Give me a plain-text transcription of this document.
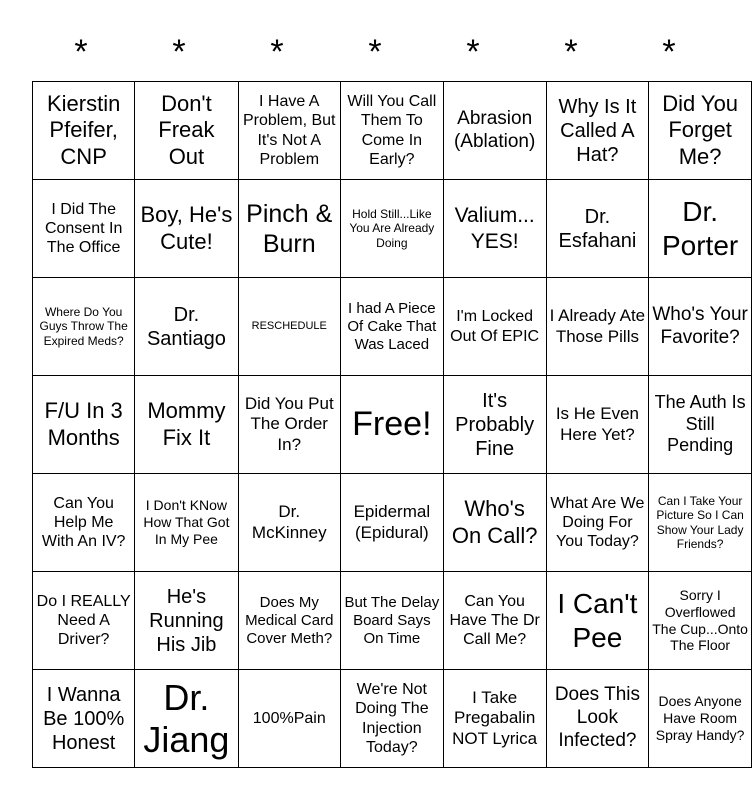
*	*	*	*	*	*	*
Kierstin Pfeifer, CNP	Don't Freak Out	I Have A Problem, But It's Not A Problem	Will You Call Them To Come In Early?	Abrasion (Ablation)	Why Is It Called A Hat?	Did You Forget Me?
I Did The Consent In The Office	Boy, He's Cute!	Pinch & Burn	Hold Still...Like You Are Already Doing	Valium... YES!	Dr. Esfahani	Dr. Porter
Where Do You Guys Throw The Expired Meds?	Dr. Santiago	RESCHEDULE	I had A Piece Of Cake That Was Laced	I'm Locked Out Of EPIC	I Already Ate Those Pills	Who's Your Favorite?
F/U In 3 Months	Mommy Fix It	Did You Put The Order In?	Free!	It's Probably Fine	Is He Even Here Yet?	The Auth Is Still Pending
Can You Help Me With An IV?	I Don't KNow How That Got In My Pee	Dr. McKinney	Epidermal (Epidural)	Who's On Call?	What Are We Doing For You Today?	Can I Take Your Picture So I Can Show Your Lady Friends?
Do I REALLY Need A Driver?	He's Running His Jib	Does My Medical Card Cover Meth?	But The Delay Board Says On Time	Can You Have The Dr Call Me?	I Can't Pee	Sorry I Overflowed The Cup...Onto The Floor
I Wanna Be 100% Honest	Dr. Jiang	100%Pain	We're Not Doing The Injection Today?	I Take Pregabalin NOT Lyrica	Does This Look Infected?	Does Anyone Have Room Spray Handy?
